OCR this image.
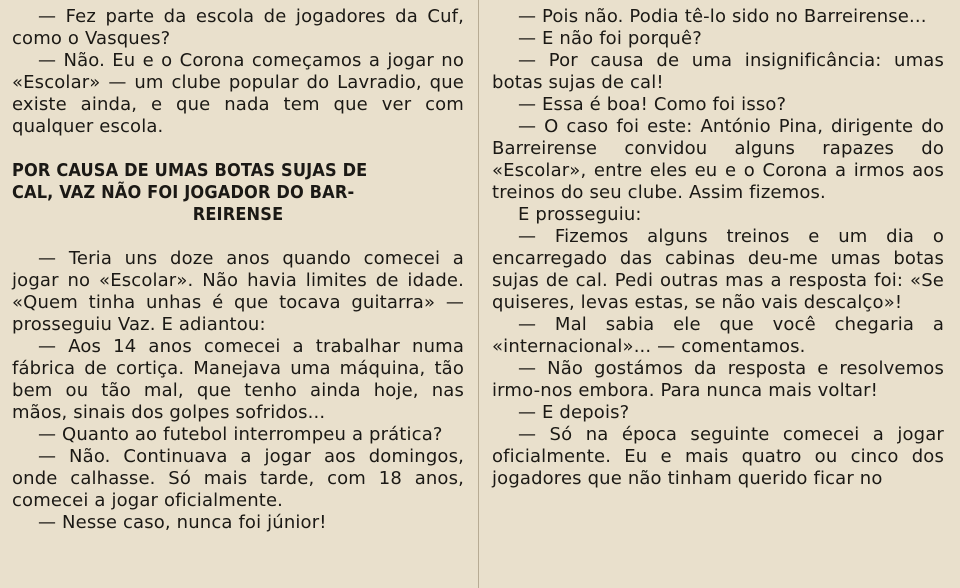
— Fez parte da escola de jogadores da Cuf, como o Vasques?

— Não. Eu e o Corona começamos a jogar no «Escolar» — um clube popular do Lavradio, que existe ainda, e que nada tem que ver com qualquer escola.

POR CAUSA DE UMAS BOTAS SUJAS DE

CAL, VAZ NÃO FOI JOGADOR DO BAR-

REIRENSE

— Teria uns doze anos quando comecei a jogar no «Escolar». Não havia limites de idade. «Quem tinha unhas é que tocava guitarra» — prosseguiu Vaz. E adiantou:

— Aos 14 anos comecei a trabalhar numa fábrica de cortiça. Manejava uma máquina, tão bem ou tão mal, que tenho ainda hoje, nas mãos, sinais dos golpes sofridos...

— Quanto ao futebol interrompeu a prática?

— Não. Continuava a jogar aos domingos, onde calhasse. Só mais tarde, com 18 anos, comecei a jogar oficialmente.

— Nesse caso, nunca foi júnior!

— Pois não. Podia tê-lo sido no Barreirense...

— E não foi porquê?

— Por causa de uma insignificância: umas botas sujas de cal!

— Essa é boa! Como foi isso?

— O caso foi este: António Pina, dirigente do Barreirense convidou alguns rapazes do «Escolar», entre eles eu e o Corona a irmos aos treinos do seu clube. Assim fizemos.

E prosseguiu:

— Fizemos alguns treinos e um dia o encarregado das cabinas deu-me umas botas sujas de cal. Pedi outras mas a resposta foi: «Se quiseres, levas estas, se não vais descalço»!

— Mal sabia ele que você chegaria a «internacional»... — comentamos.

— Não gostámos da resposta e resolvemos irmo-nos embora. Para nunca mais voltar!

— E depois?

— Só na época seguinte comecei a jogar oficialmente. Eu e mais quatro ou cinco dos jogadores que não tinham querido ficar no
